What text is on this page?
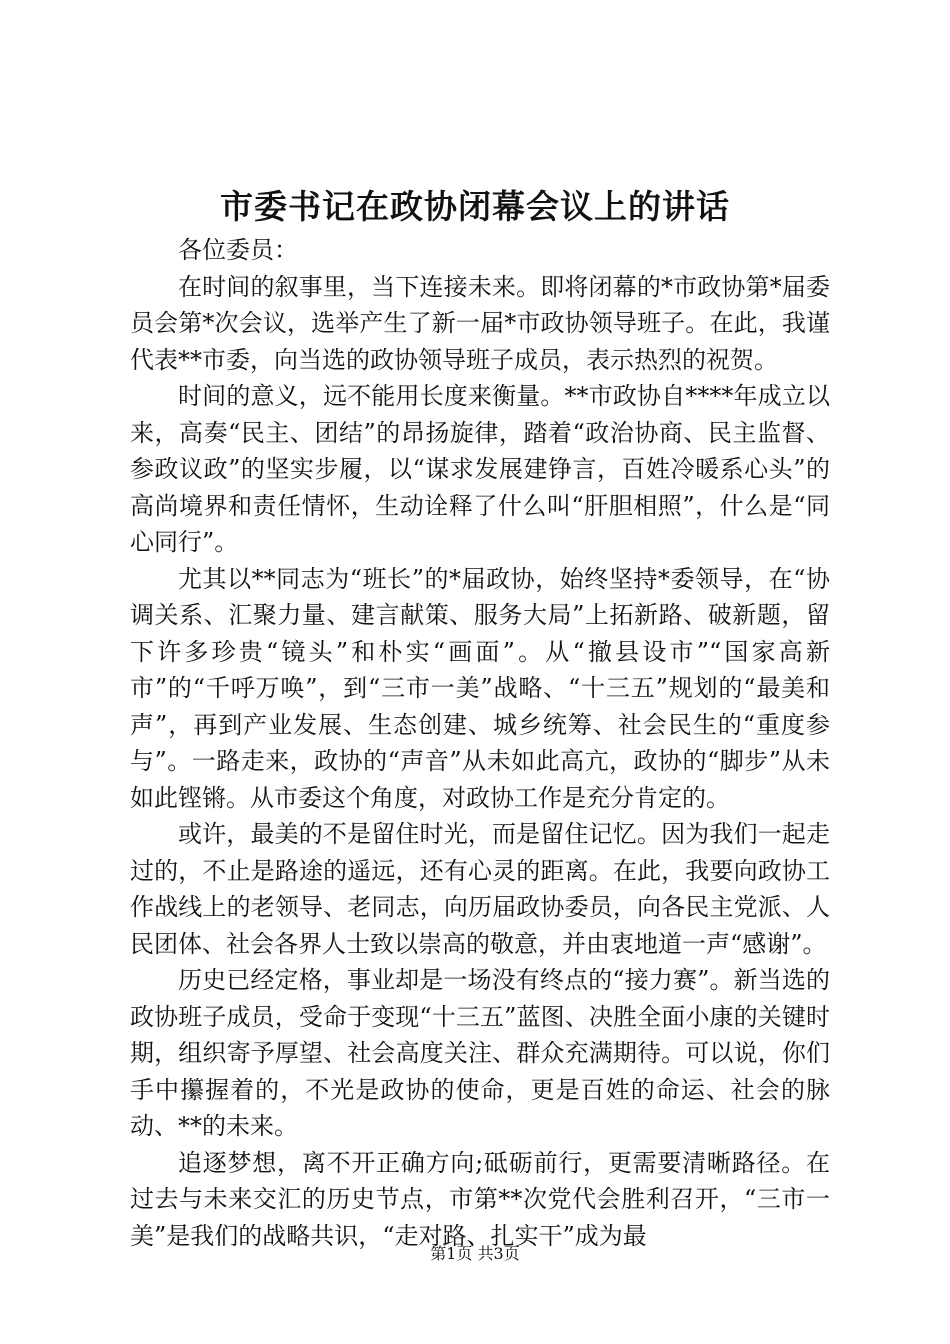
市委书记在政协闭幕会议上的讲话

各位委员：

在时间的叙事里，当下连接未来。即将闭幕的*市政协第*届委员会第*次会议，选举产生了新一届*市政协领导班子。在此，我谨代表**市委，向当选的政协领导班子成员，表示热烈的祝贺。

时间的意义，远不能用长度来衡量。**市政协自****年成立以来，高奏“民主、团结”的昂扬旋律，踏着“政治协商、民主监督、参政议政”的坚实步履，以“谋求发展建铮言，百姓冷暖系心头”的高尚境界和责任情怀，生动诠释了什么叫“肝胆相照”，什么是“同心同行”。

尤其以**同志为“班长”的*届政协，始终坚持*委领导，在“协调关系、汇聚力量、建言献策、服务大局”上拓新路、破新题，留下许多珍贵“镜头”和朴实“画面”。从“撤县设市”“国家高新市”的“千呼万唤”，到“三市一美”战略、“十三五”规划的“最美和声”，再到产业发展、生态创建、城乡统筹、社会民生的“重度参与”。一路走来，政协的“声音”从未如此高亢，政协的“脚步”从未如此铿锵。从市委这个角度，对政协工作是充分肯定的。

或许，最美的不是留住时光，而是留住记忆。因为我们一起走过的，不止是路途的遥远，还有心灵的距离。在此，我要向政协工作战线上的老领导、老同志，向历届政协委员，向各民主党派、人民团体、社会各界人士致以崇高的敬意，并由衷地道一声“感谢”。

历史已经定格，事业却是一场没有终点的“接力赛”。新当选的政协班子成员，受命于变现“十三五”蓝图、决胜全面小康的关键时期，组织寄予厚望、社会高度关注、群众充满期待。可以说，你们手中攥握着的，不光是政协的使命，更是百姓的命运、社会的脉动、**的未来。

追逐梦想，离不开正确方向;砥砺前行，更需要清晰路径。在过去与未来交汇的历史节点，市第**次党代会胜利召开，“三市一美”是我们的战略共识，“走对路、扎实干”成为最

第1页 共3页
